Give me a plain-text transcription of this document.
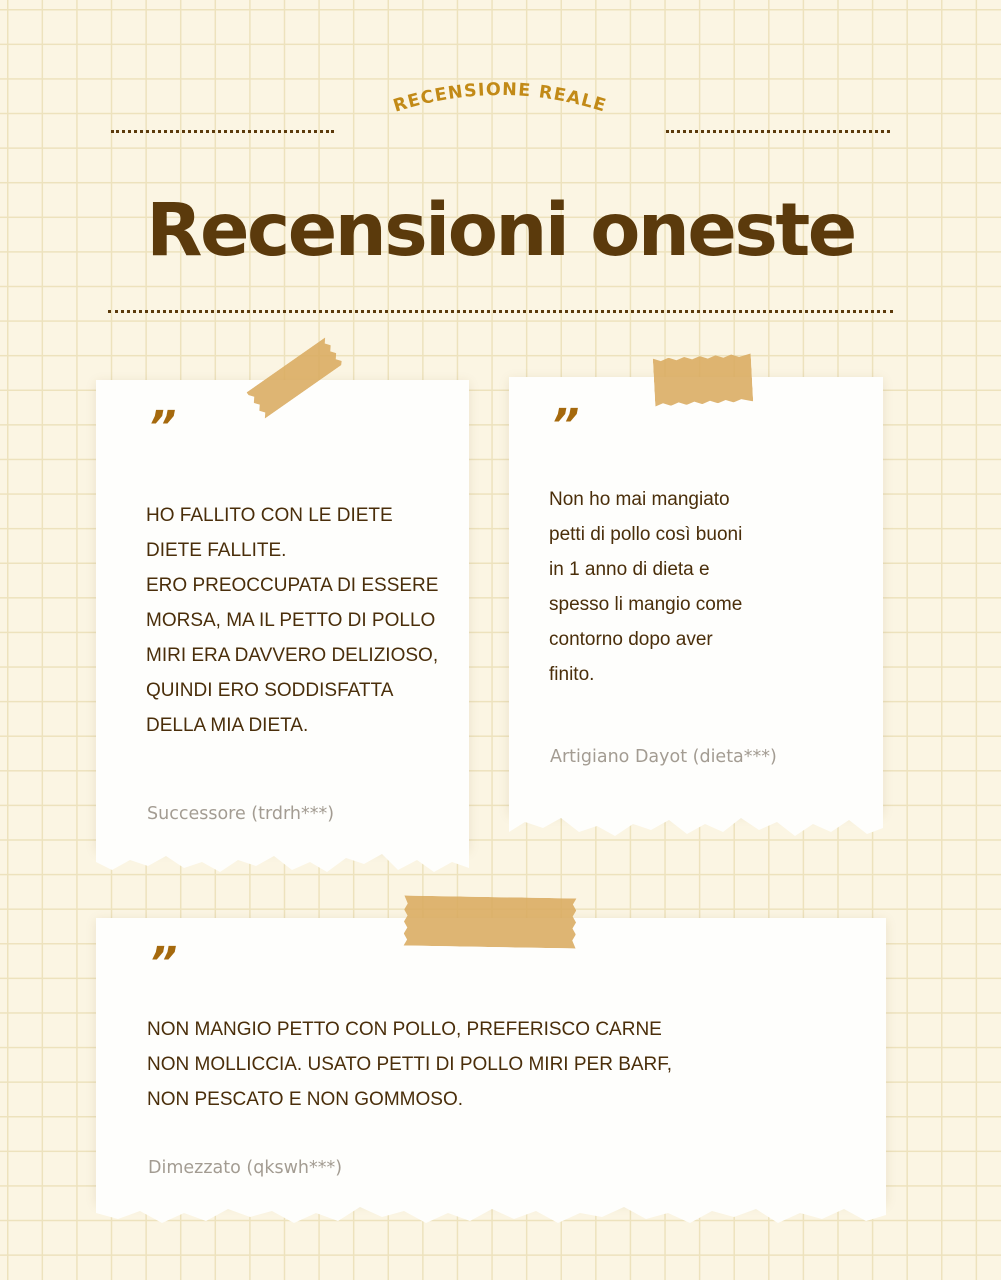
RECENSIONE REALE
Recensioni oneste

”

HO FALLITO CON LE DIETE
DIETE FALLITE.
ERO PREOCCUPATA DI ESSERE
MORSA, MA IL PETTO DI POLLO
MIRI ERA DAVVERO DELIZIOSO,
QUINDI ERO SODDISFATTA
DELLA MIA DIETA.

Successore (trdrh***)

”

Non ho mai mangiato
petti di pollo così buoni
in 1 anno di dieta e
spesso li mangio come
contorno dopo aver
finito.

Artigiano Dayot (dieta***)

”

NON MANGIO PETTO CON POLLO, PREFERISCO CARNE
NON MOLLICCIA. USATO PETTI DI POLLO MIRI PER BARF,
NON PESCATO E NON GOMMOSO.

Dimezzato (qkswh***)
